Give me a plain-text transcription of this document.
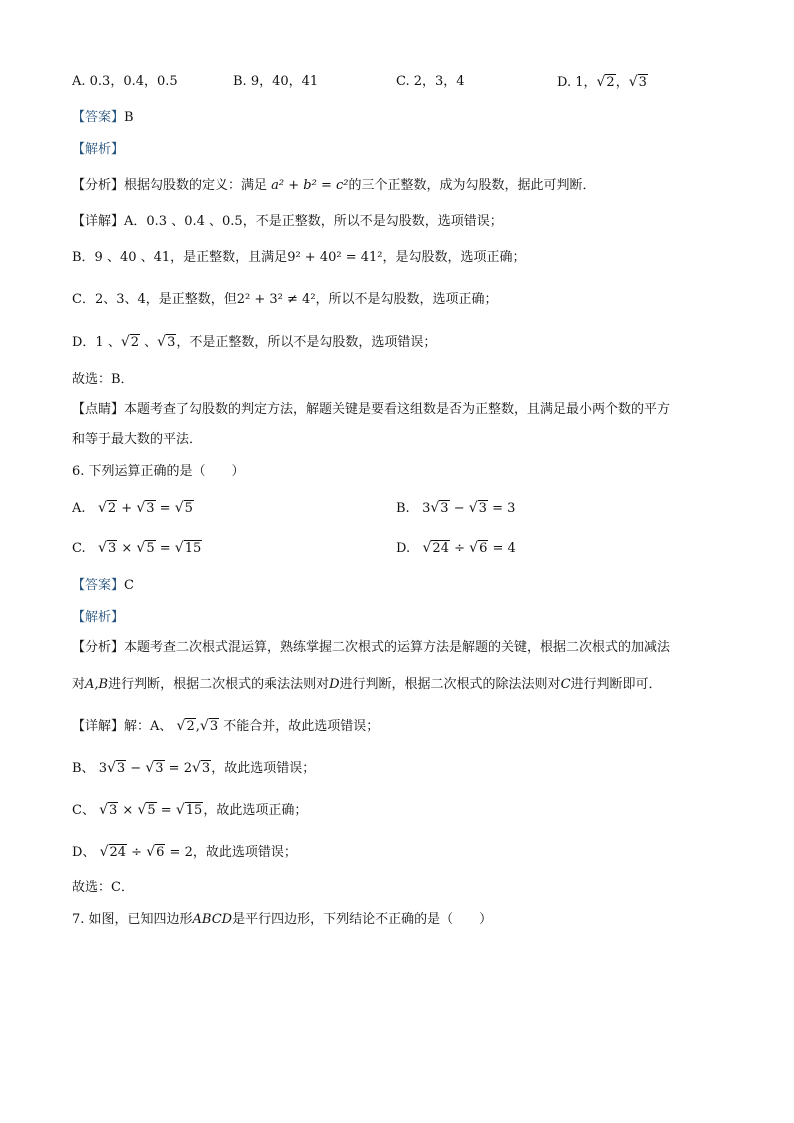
A. 0.3，0.4，0.5	B. 9，40，41	C. 2，3，4	D. 1，√2，√3
【答案】B
【解析】
【分析】根据勾股数的定义：满足 a² + b² = c²的三个正整数，成为勾股数，据此可判断．
【详解】A．0.3 、0.4 、0.5，不是正整数，所以不是勾股数，选项错误；
B．9 、40 、41，是正整数，且满足9² + 40² = 41²，是勾股数，选项正确；
C．2、3、4，是正整数，但2² + 3² ≠ 4²，所以不是勾股数，选项正确；
D．1 、√2 、√3，不是正整数，所以不是勾股数，选项错误；
故选：B．
【点睛】本题考查了勾股数的判定方法，解题关键是要看这组数是否为正整数，且满足最小两个数的平方
和等于最大数的平法．
6. 下列运算正确的是（　　）
A. √2 + √3 = √5	B.   3√3 − √3 = 3
C. √3 × √5 = √15	D. √24 ÷ √6 = 4
【答案】C
【解析】
【分析】本题考查二次根式混运算，熟练掌握二次根式的运算方法是解题的关键，根据二次根式的加减法
对A,B进行判断，根据二次根式的乘法法则对D进行判断，根据二次根式的除法法则对C进行判断即可．
【详解】解：A、 √2,√3 不能合并，故此选项错误；
B、 3√3 − √3 = 2√3，故此选项错误；
C、 √3 × √5 = √15，故此选项正确；
D、 √24 ÷ √6 = 2，故此选项错误；
故选：C．
7. 如图，已知四边形ABCD是平行四边形，下列结论不正确的是（　　）
